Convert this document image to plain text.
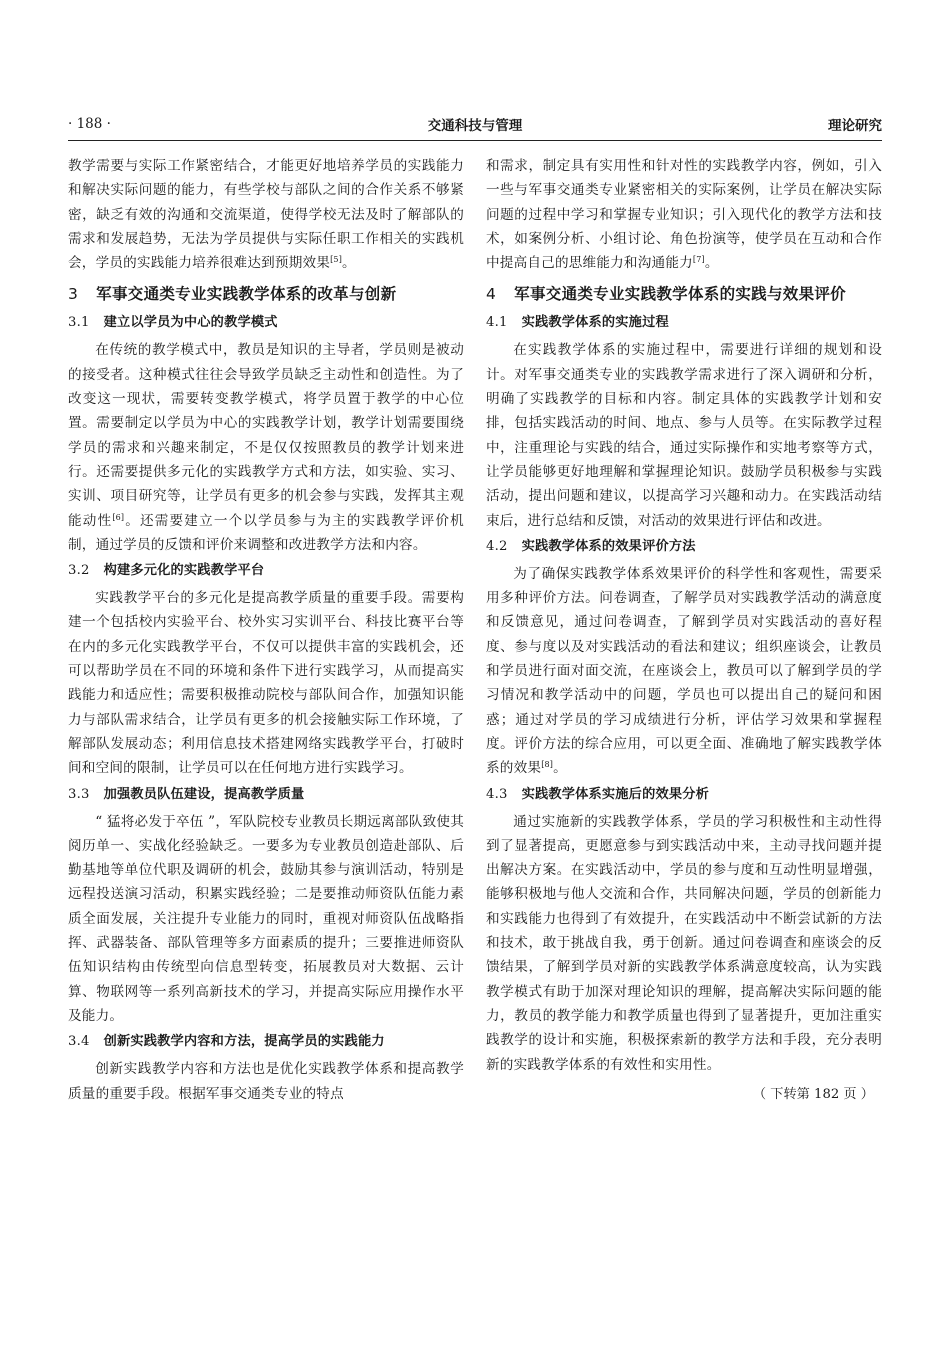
· 188 ·	交通科技与管理	理论研究

教学需要与实际工作紧密结合，才能更好地培养学员的实践能力和解决实际问题的能力，有些学校与部队之间的合作关系不够紧密，缺乏有效的沟通和交流渠道，使得学校无法及时了解部队的需求和发展趋势，无法为学员提供与实际任职工作相关的实践机会，学员的实践能力培养很难达到预期效果[5]。

3 军事交通类专业实践教学体系的改革与创新
3.1 建立以学员为中心的教学模式

在传统的教学模式中，教员是知识的主导者，学员则是被动的接受者。这种模式往往会导致学员缺乏主动性和创造性。为了改变这一现状，需要转变教学模式，将学员置于教学的中心位置。需要制定以学员为中心的实践教学计划，教学计划需要围绕学员的需求和兴趣来制定，不是仅仅按照教员的教学计划来进行。还需要提供多元化的实践教学方式和方法，如实验、实习、实训、项目研究等，让学员有更多的机会参与实践，发挥其主观能动性[6]。还需要建立一个以学员参与为主的实践教学评价机制，通过学员的反馈和评价来调整和改进教学方法和内容。

3.2 构建多元化的实践教学平台

实践教学平台的多元化是提高教学质量的重要手段。需要构建一个包括校内实验平台、校外实习实训平台、科技比赛平台等在内的多元化实践教学平台，不仅可以提供丰富的实践机会，还可以帮助学员在不同的环境和条件下进行实践学习，从而提高实践能力和适应性；需要积极推动院校与部队间合作，加强知识能力与部队需求结合，让学员有更多的机会接触实际工作环境，了解部队发展动态；利用信息技术搭建网络实践教学平台，打破时间和空间的限制，让学员可以在任何地方进行实践学习。

3.3 加强教员队伍建设，提高教学质量

“ 猛将必发于卒伍 ”，军队院校专业教员长期远离部队致使其阅历单一、实战化经验缺乏。一要多为专业教员创造赴部队、后勤基地等单位代职及调研的机会，鼓励其参与演训活动，特别是远程投送演习活动，积累实践经验；二是要推动师资队伍能力素质全面发展，关注提升专业能力的同时，重视对师资队伍战略指挥、武器装备、部队管理等多方面素质的提升；三要推进师资队伍知识结构由传统型向信息型转变，拓展教员对大数据、云计算、物联网等一系列高新技术的学习，并提高实际应用操作水平及能力。

3.4 创新实践教学内容和方法，提高学员的实践能力

创新实践教学内容和方法也是优化实践教学体系和提高教学质量的重要手段。根据军事交通类专业的特点

和需求，制定具有实用性和针对性的实践教学内容，例如，引入一些与军事交通类专业紧密相关的实际案例，让学员在解决实际问题的过程中学习和掌握专业知识；引入现代化的教学方法和技术，如案例分析、小组讨论、角色扮演等，使学员在互动和合作中提高自己的思维能力和沟通能力[7]。

4 军事交通类专业实践教学体系的实践与效果评价
4.1 实践教学体系的实施过程

在实践教学体系的实施过程中，需要进行详细的规划和设计。对军事交通类专业的实践教学需求进行了深入调研和分析，明确了实践教学的目标和内容。制定具体的实践教学计划和安排，包括实践活动的时间、地点、参与人员等。在实际教学过程中，注重理论与实践的结合，通过实际操作和实地考察等方式，让学员能够更好地理解和掌握理论知识。鼓励学员积极参与实践活动，提出问题和建议，以提高学习兴趣和动力。在实践活动结束后，进行总结和反馈，对活动的效果进行评估和改进。

4.2 实践教学体系的效果评价方法

为了确保实践教学体系效果评价的科学性和客观性，需要采用多种评价方法。问卷调查，了解学员对实践教学活动的满意度和反馈意见，通过问卷调查，了解到学员对实践活动的喜好程度、参与度以及对实践活动的看法和建议；组织座谈会，让教员和学员进行面对面交流，在座谈会上，教员可以了解到学员的学习情况和教学活动中的问题，学员也可以提出自己的疑问和困惑；通过对学员的学习成绩进行分析，评估学习效果和掌握程度。评价方法的综合应用，可以更全面、准确地了解实践教学体系的效果[8]。

4.3 实践教学体系实施后的效果分析

通过实施新的实践教学体系，学员的学习积极性和主动性得到了显著提高，更愿意参与到实践活动中来，主动寻找问题并提出解决方案。在实践活动中，学员的参与度和互动性明显增强，能够积极地与他人交流和合作，共同解决问题，学员的创新能力和实践能力也得到了有效提升，在实践活动中不断尝试新的方法和技术，敢于挑战自我，勇于创新。通过问卷调查和座谈会的反馈结果，了解到学员对新的实践教学体系满意度较高，认为实践教学模式有助于加深对理论知识的理解，提高解决实际问题的能力，教员的教学能力和教学质量也得到了显著提升，更加注重实践教学的设计和实施，积极探索新的教学方法和手段，充分表明新的实践教学体系的有效性和实用性。

（ 下转第 182 页 ）
